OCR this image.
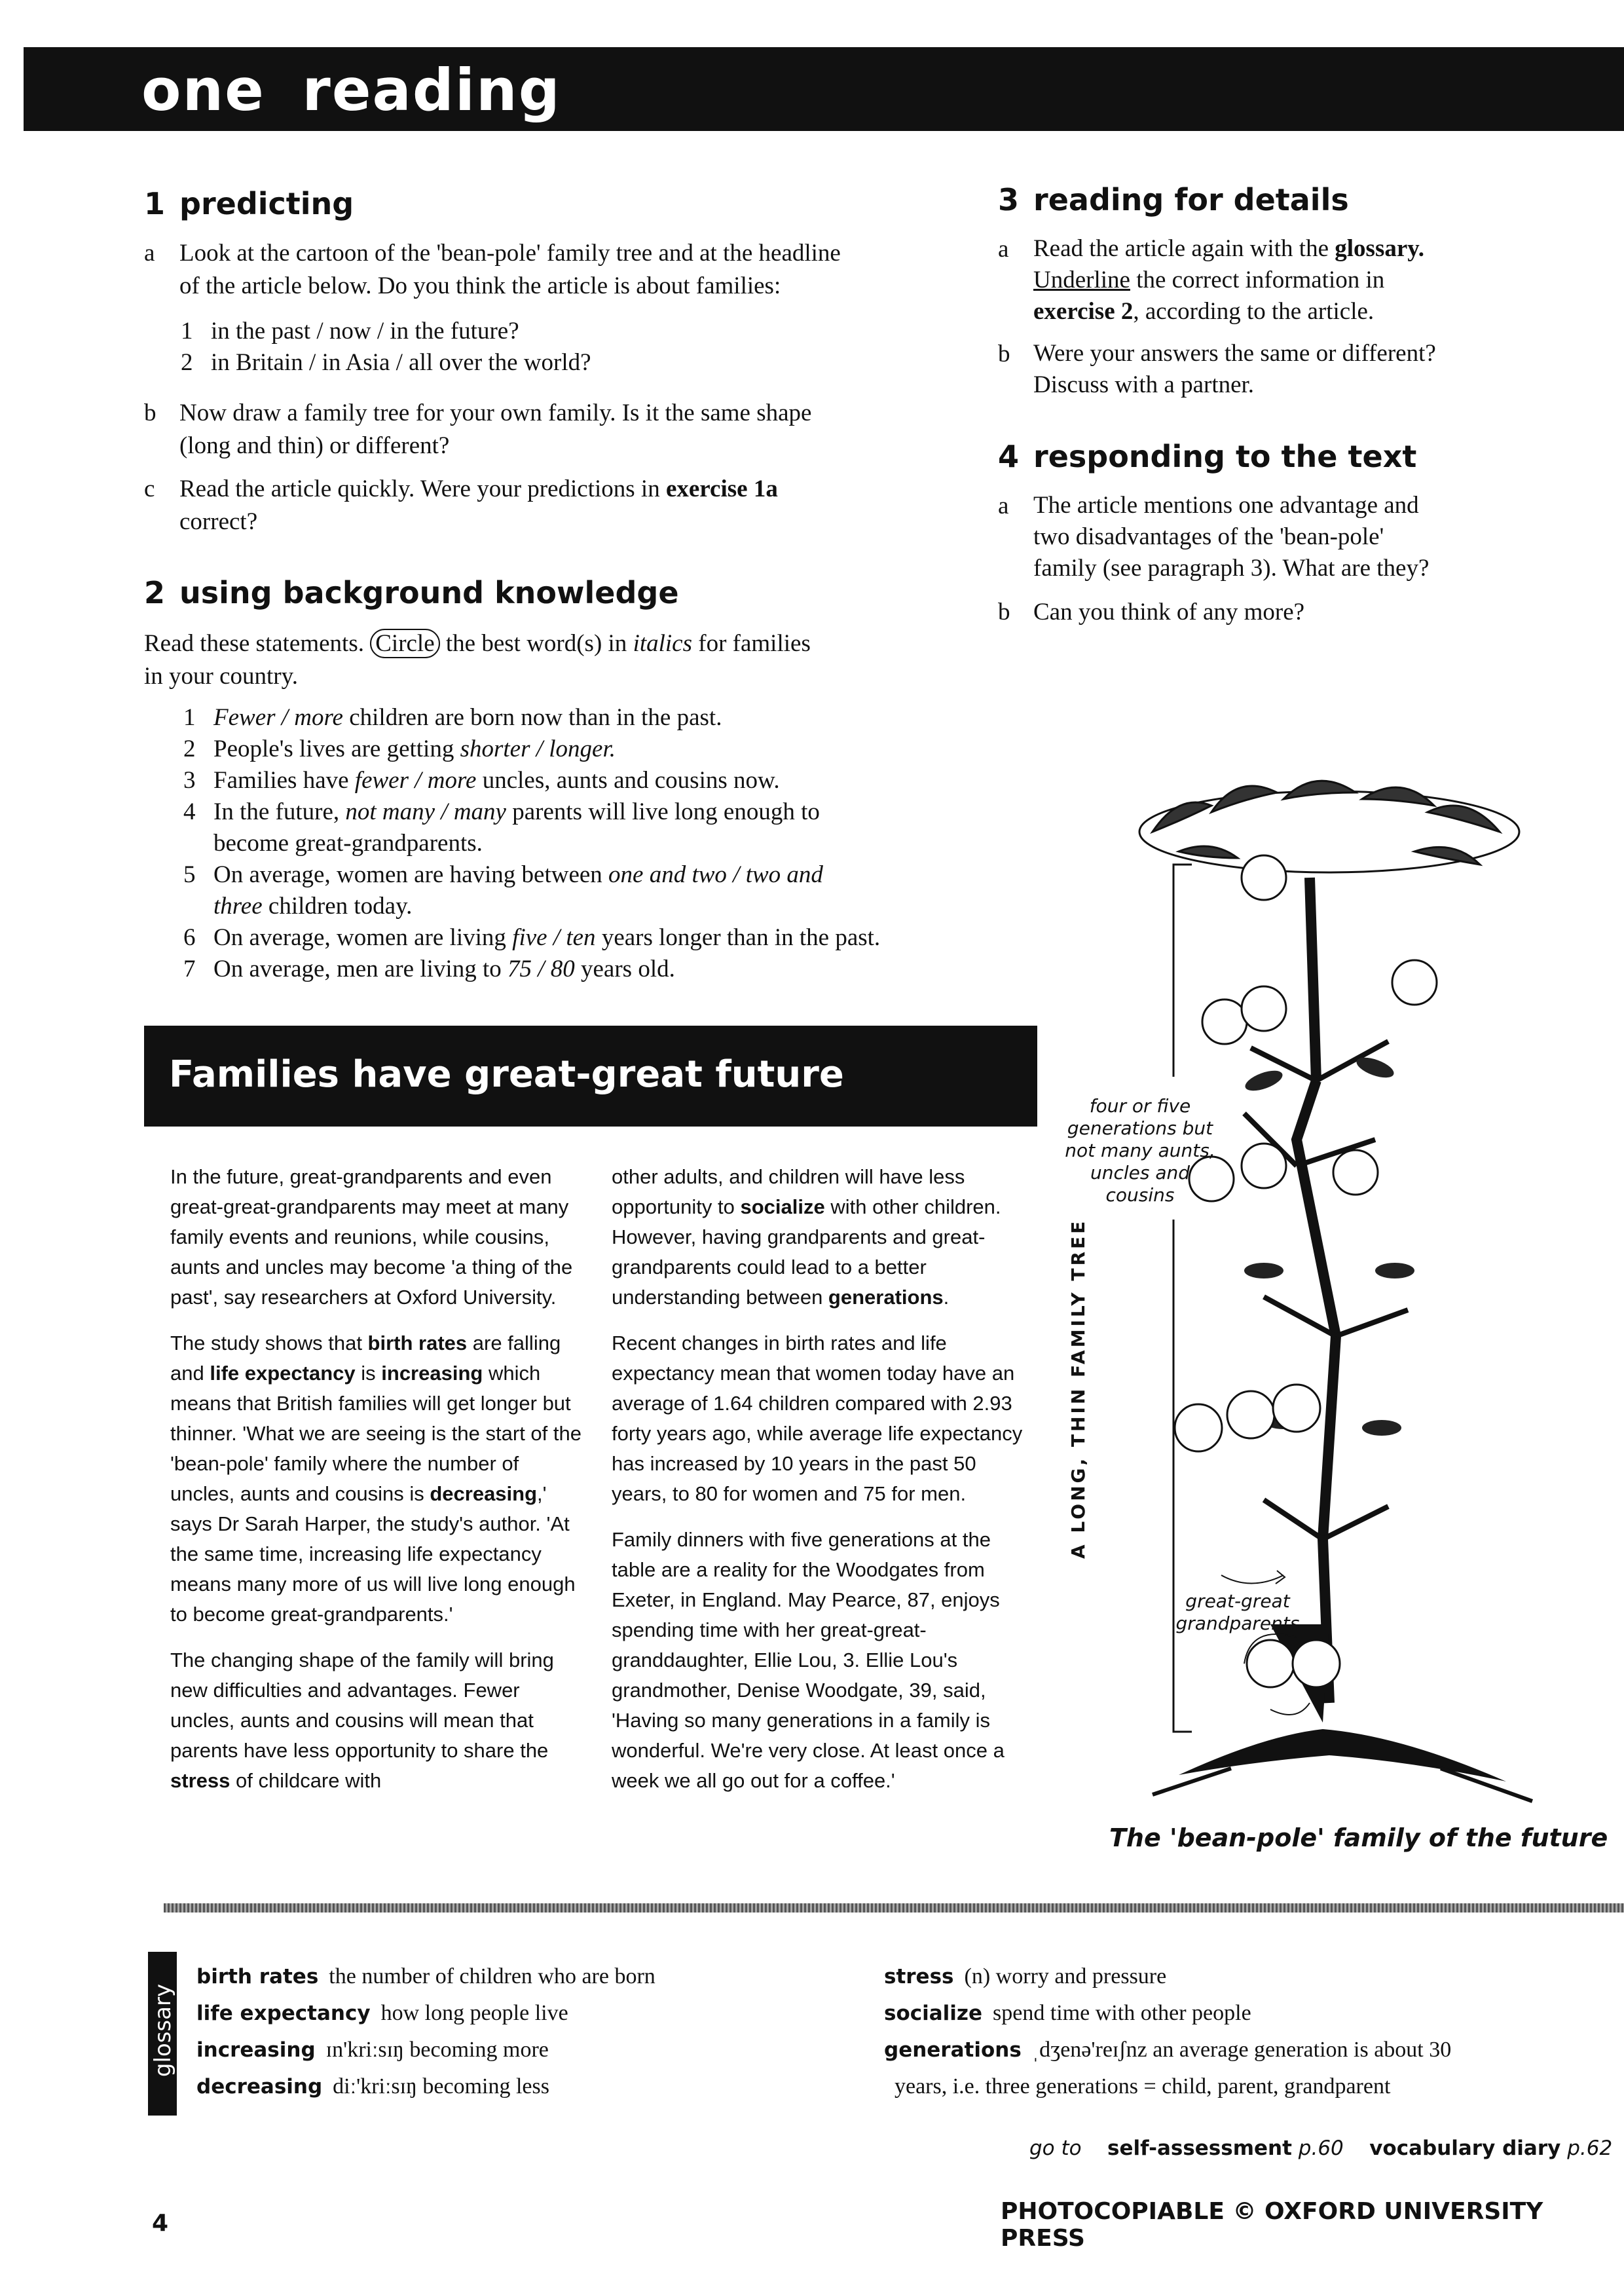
one reading
1 predicting
a Look at the cartoon of the 'bean-pole' family tree and at the headline
of the article below. Do you think the article is about families:
1 in the past / now / in the future?
2 in Britain / in Asia / all over the world?
b Now draw a family tree for your own family. Is it the same shape
(long and thin) or different?
c Read the article quickly. Were your predictions in exercise 1a
correct?
2 using background knowledge
Read these statements. Circle the best word(s) in italics for families
in your country.
1 Fewer / more children are born now than in the past.
2 People's lives are getting shorter / longer.
3 Families have fewer / more uncles, aunts and cousins now.
4 In the future, not many / many parents will live long enough to
become great-grandparents.
5 On average, women are having between one and two / two and
three children today.
6 On average, women are living five / ten years longer than in the past.
7 On average, men are living to 75 / 80 years old.
3 reading for details
a Read the article again with the glossary.
Underline the correct information in
exercise 2, according to the article.
b Were your answers the same or different?
Discuss with a partner.
4 responding to the text
a The article mentions one advantage and
two disadvantages of the 'bean-pole'
family (see paragraph 3). What are they?
b Can you think of any more?
Families have great-great future

In the future, great-grandparents and even great-great-grandparents may meet at many family events and reunions, while cousins, aunts and uncles may become 'a thing of the past', say researchers at Oxford University.

The study shows that birth rates are falling and life expectancy is increasing which means that British families will get longer but thinner. 'What we are seeing is the start of the 'bean-pole' family where the number of uncles, aunts and cousins is decreasing,' says Dr Sarah Harper, the study's author. 'At the same time, increasing life expectancy means many more of us will live long enough to become great-grandparents.'

The changing shape of the family will bring new difficulties and advantages. Fewer uncles, aunts and cousins will mean that parents have less opportunity to share the stress of childcare with

other adults, and children will have less opportunity to socialize with other children. However, having grandparents and great-grandparents could lead to a better understanding between generations.

Recent changes in birth rates and life expectancy mean that women today have an average of 1.64 children compared with 2.93 forty years ago, while average life expectancy has increased by 10 years in the past 50 years, to 80 for women and 75 for men.

Family dinners with five generations at the table are a reality for the Woodgates from Exeter, in England. May Pearce, 87, enjoys spending time with her great-great-granddaughter, Ellie Lou, 3. Ellie Lou's grandmother, Denise Woodgate, 39, said, 'Having so many generations in a family is wonderful. We're very close. At least once a week we all go out for a coffee.'

four or five generations but not many aunts, uncles and cousins
A LONG, THIN FAMILY TREE
great-great grandparents
The 'bean-pole' family of the future
glossary
birth rates the number of children who are born
life expectancy how long people live
increasing ɪn'kriːsɪŋ becoming more
decreasing diː'kriːsɪŋ becoming less
stress (n) worry and pressure
socialize spend time with other people
generations ˌdʒenə'reɪʃnz an average generation is about 30
years, i.e. three generations = child, parent, grandparent
go to self-assessment p.60 vocabulary diary p.62
4	PHOTOCOPIABLE © OXFORD UNIVERSITY PRESS
